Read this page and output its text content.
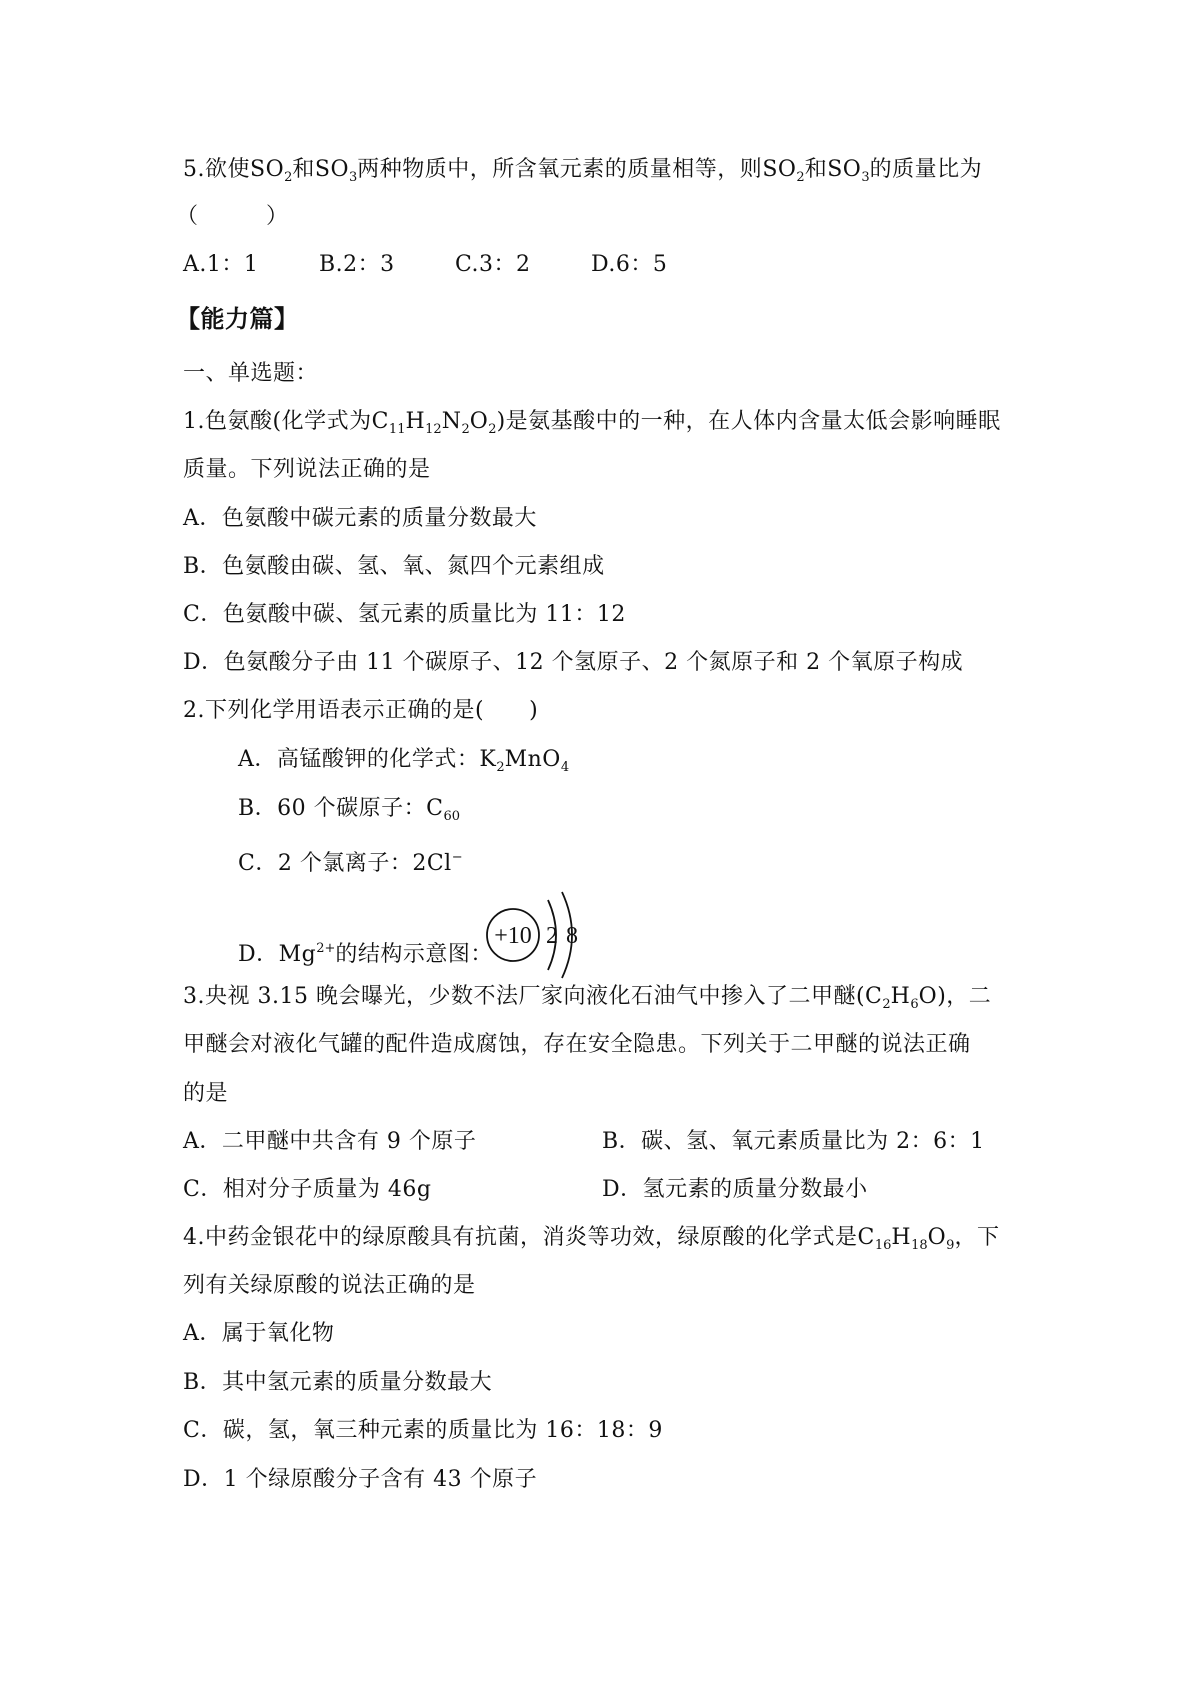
5.欲使$SO_2$和$SO_3$两种物质中，所含氧元素的质量相等，则$SO_2$和$SO_3$的质量比为
（　　　）
A.1：1	B.2：3	C.3：2	D.6：5
【能力篇】
一、单选题：
1.色氨酸(化学式为$C_{11}H_{12}N_2O_2$)是氨基酸中的一种，在人体内含量太低会影响睡眠
质量。下列说法正确的是
A．色氨酸中碳元素的质量分数最大
B．色氨酸由碳、氢、氧、氮四个元素组成
C．色氨酸中碳、氢元素的质量比为 11：12
D．色氨酸分子由 11 个碳原子、12 个氢原子、2 个氮原子和 2 个氧原子构成
2.下列化学用语表示正确的是(　　)
A．高锰酸钾的化学式：$K_2MnO_4$
B．60 个碳原子：$C_{60}$
C．2 个氯离子：2Cl−
+10 2 8
D．$Mg^{2+}$的结构示意图：
3.央视 3.15 晚会曝光，少数不法厂家向液化石油气中掺入了二甲醚$(C_2H_6O)$，二
甲醚会对液化气罐的配件造成腐蚀，存在安全隐患。下列关于二甲醚的说法正确
的是
A．二甲醚中共含有 9 个原子	B．碳、氢、氧元素质量比为 2：6：1
C．相对分子质量为 46g	D．氢元素的质量分数最小
4.中药金银花中的绿原酸具有抗菌，消炎等功效，绿原酸的化学式是$C_{16}H_{18}O_9$，下
列有关绿原酸的说法正确的是
A．属于氧化物
B．其中氢元素的质量分数最大
C．碳，氢，氧三种元素的质量比为 16：18：9
D．1 个绿原酸分子含有 43 个原子
